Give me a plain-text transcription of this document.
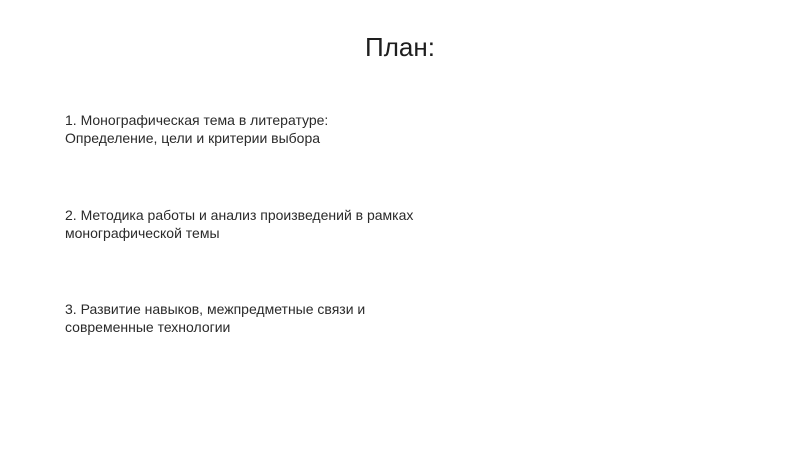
План:
1. Монографическая тема в литературе:
Определение, цели и критерии выбора
2. Методика работы и анализ произведений в рамках
монографической темы
3. Развитие навыков, межпредметные связи и
современные технологии
